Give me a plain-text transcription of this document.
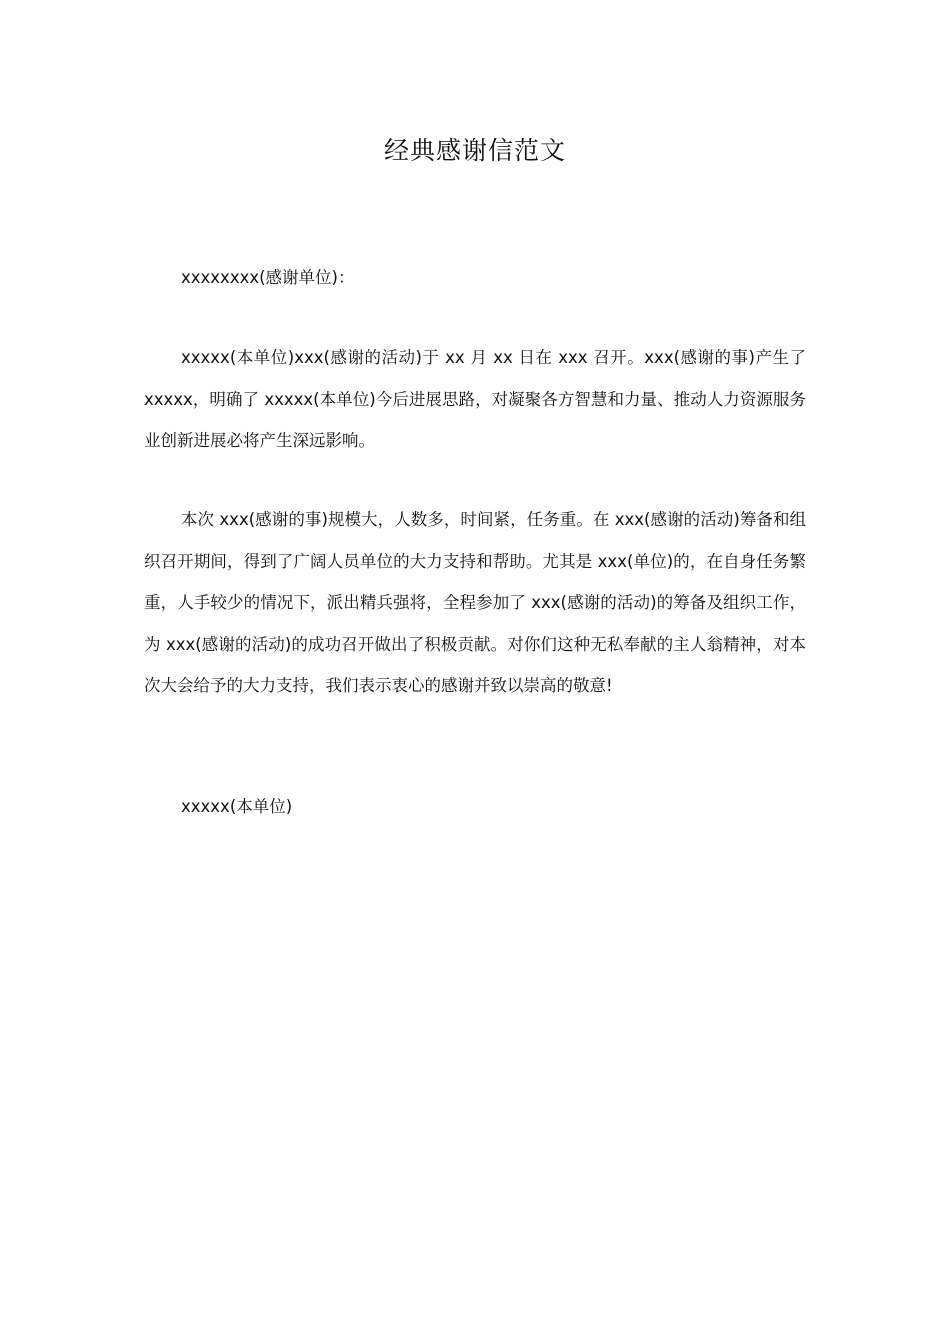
经典感谢信范文

xxxxxxxx(感谢单位)：

xxxxx(本单位)xxx(感谢的活动)于 xx 月 xx 日在 xxx 召开。xxx(感谢的事)产生了 xxxxx，明确了 xxxxx(本单位)今后进展思路，对凝聚各方智慧和力量、推动人力资源服务业创新进展必将产生深远影响。

本次 xxx(感谢的事)规模大，人数多，时间紧，任务重。在 xxx(感谢的活动)筹备和组织召开期间，得到了广阔人员单位的大力支持和帮助。尤其是 xxx(单位)的，在自身任务繁重，人手较少的情况下，派出精兵强将，全程参加了 xxx(感谢的活动)的筹备及组织工作，为 xxx(感谢的活动)的成功召开做出了积极贡献。对你们这种无私奉献的主人翁精神，对本次大会给予的大力支持，我们表示衷心的感谢并致以崇高的敬意!

xxxxx(本单位)
